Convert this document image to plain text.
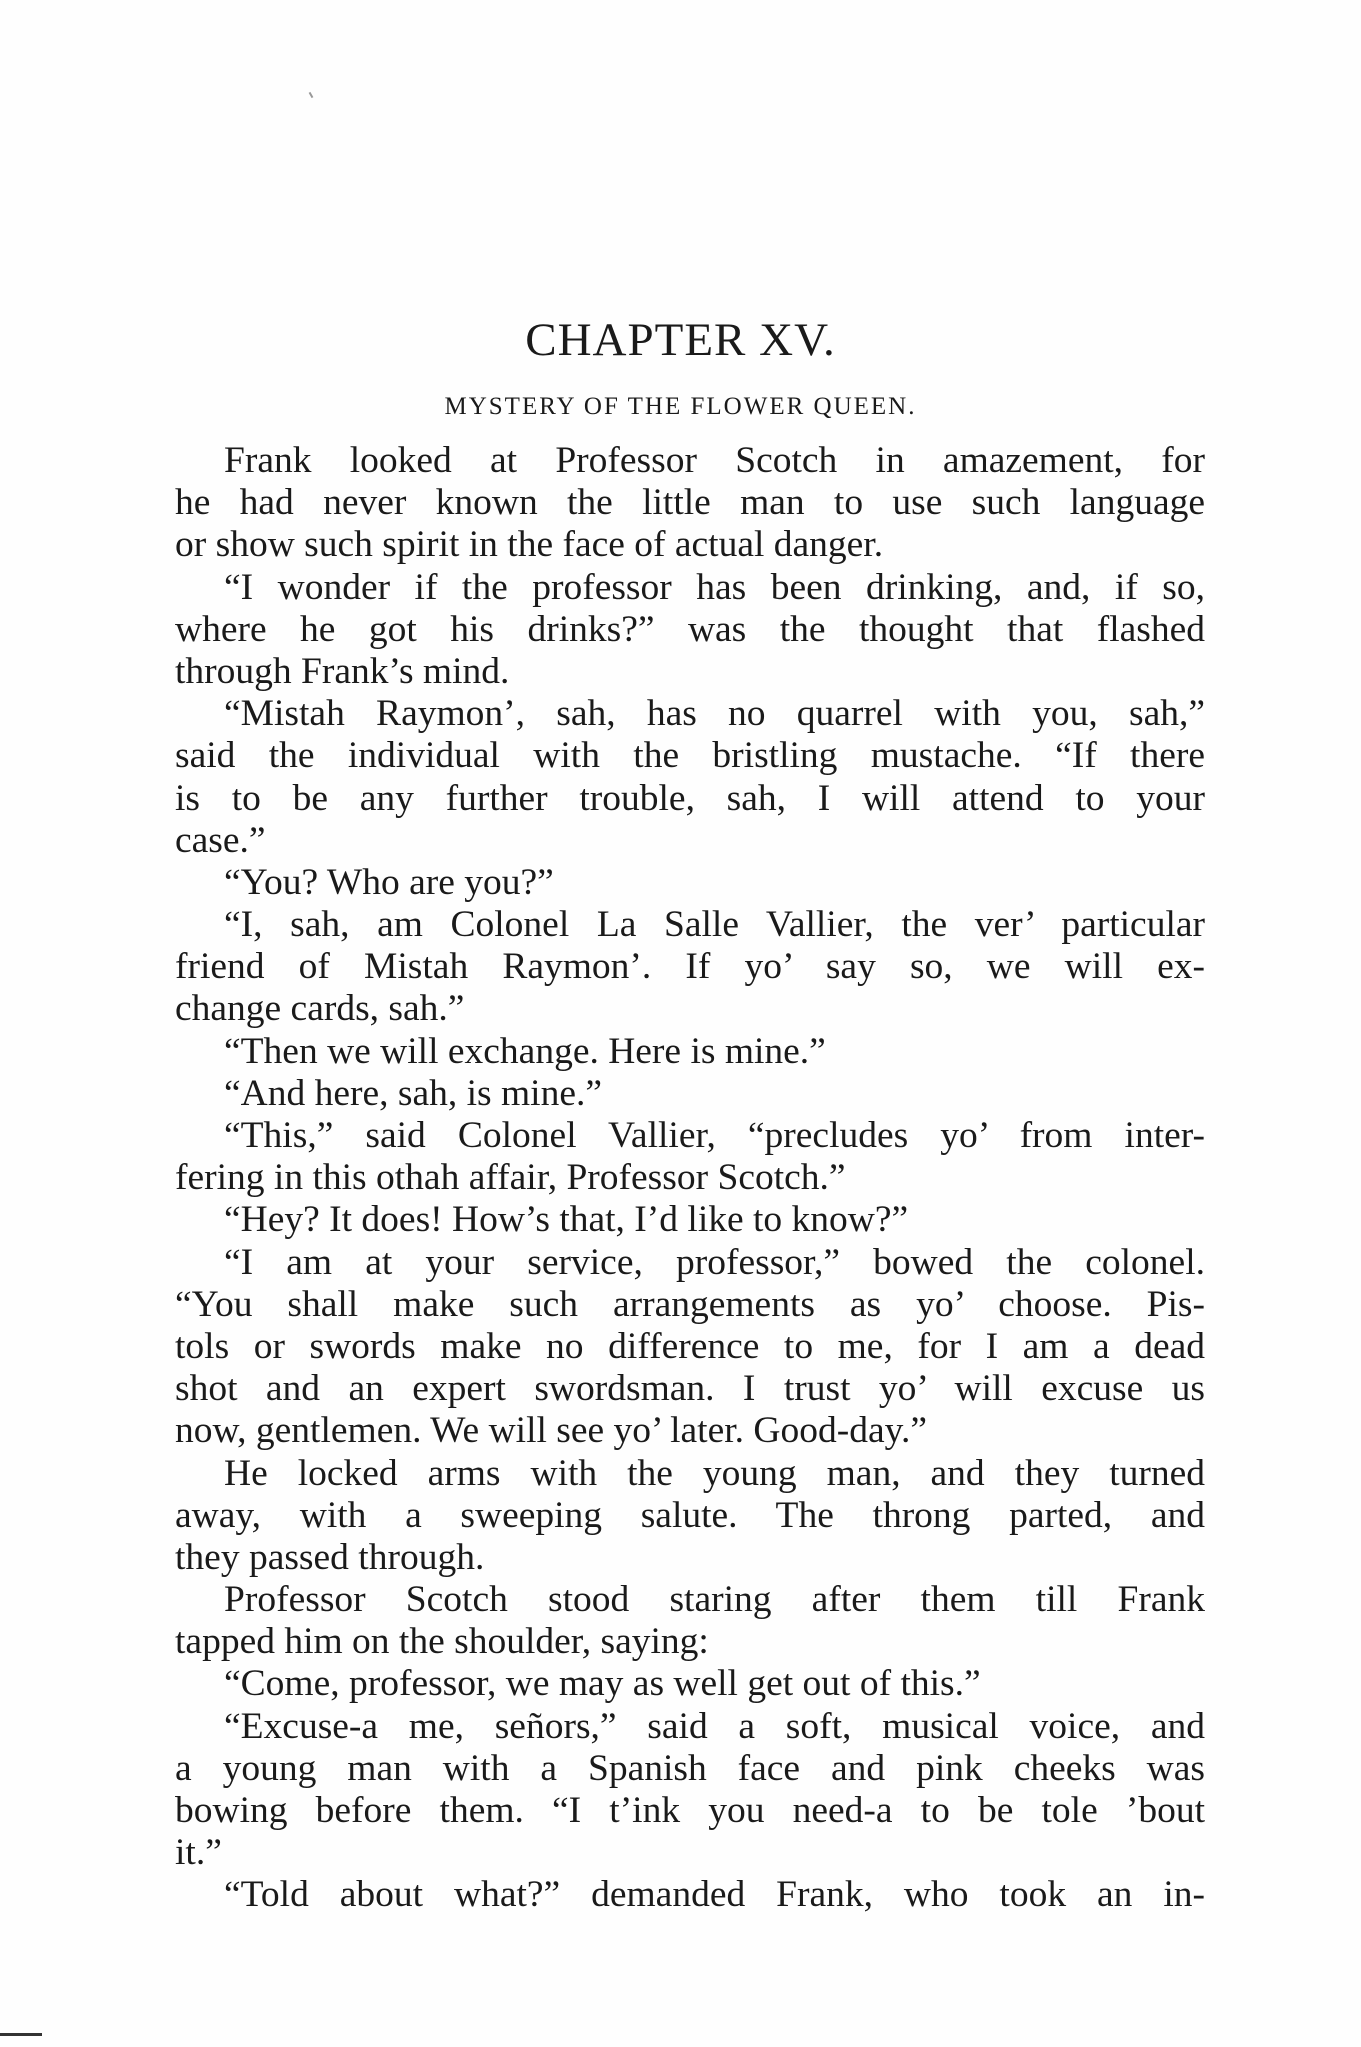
CHAPTER XV.
MYSTERY OF THE FLOWER QUEEN.
Frank looked at Professor Scotch in amazement, for
he had never known the little man to use such language
or show such spirit in the face of actual danger.
“I wonder if the professor has been drinking, and, if so,
where he got his drinks?” was the thought that flashed
through Frank’s mind.
“Mistah Raymon’, sah, has no quarrel with you, sah,”
said the individual with the bristling mustache. “If there
is to be any further trouble, sah, I will attend to your
case.”
“You? Who are you?”
“I, sah, am Colonel La Salle Vallier, the ver’ particular
friend of Mistah Raymon’. If yo’ say so, we will ex-
change cards, sah.”
“Then we will exchange. Here is mine.”
“And here, sah, is mine.”
“This,” said Colonel Vallier, “precludes yo’ from inter-
fering in this othah affair, Professor Scotch.”
“Hey? It does! How’s that, I’d like to know?”
“I am at your service, professor,” bowed the colonel.
“You shall make such arrangements as yo’ choose. Pis-
tols or swords make no difference to me, for I am a dead
shot and an expert swordsman. I trust yo’ will excuse us
now, gentlemen. We will see yo’ later. Good-day.”
He locked arms with the young man, and they turned
away, with a sweeping salute. The throng parted, and
they passed through.
Professor Scotch stood staring after them till Frank
tapped him on the shoulder, saying:
“Come, professor, we may as well get out of this.”
“Excuse-a me, señors,” said a soft, musical voice, and
a young man with a Spanish face and pink cheeks was
bowing before them. “I t’ink you need-a to be tole ’bout
it.”
“Told about what?” demanded Frank, who took an in-
